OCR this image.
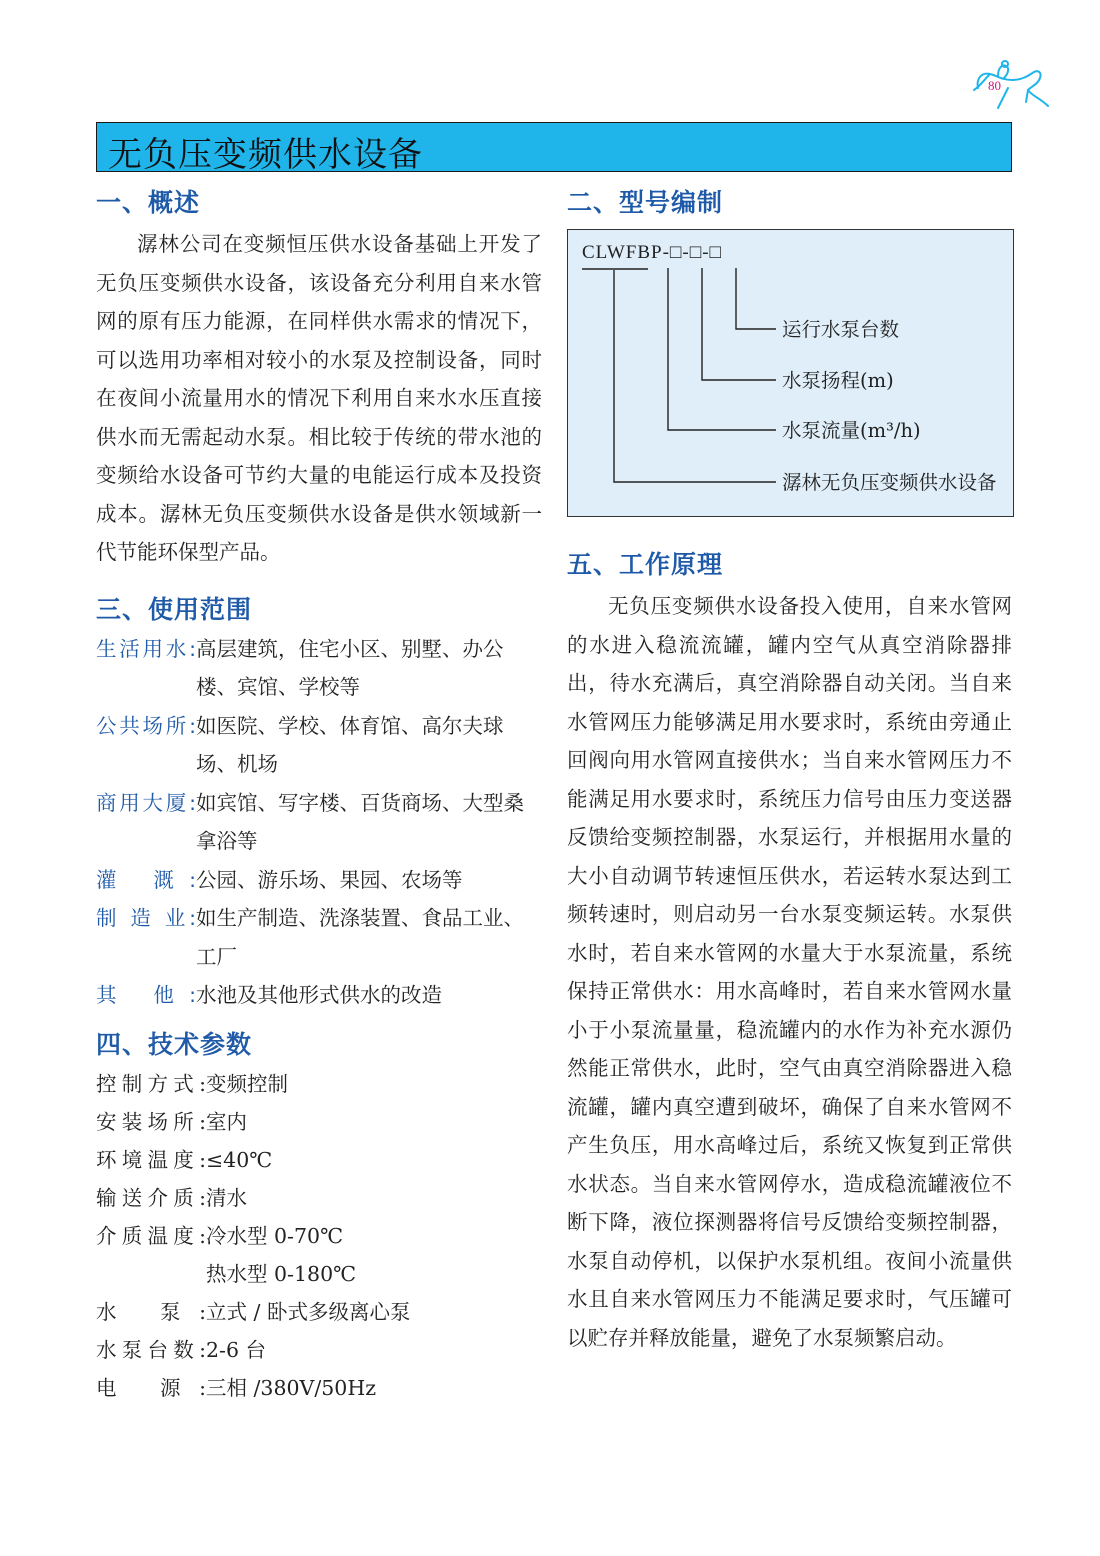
80
无负压变频供水设备
一、概述

潺林公司在变频恒压供水设备基础上开发了无负压变频供水设备，该设备充分利用自来水管网的原有压力能源，在同样供水需求的情况下，可以选用功率相对较小的水泵及控制设备，同时在夜间小流量用水的情况下利用自来水水压直接供水而无需起动水泵。相比较于传统的带水池的变频给水设备可节约大量的电能运行成本及投资成本。潺林无负压变频供水设备是供水领域新一代节能环保型产品。

三、使用范围
生活用水: 高层建筑，住宅小区、别墅、办公楼、宾馆、学校等
公共场所: 如医院、学校、体育馆、高尔夫球场、机场
商用大厦: 如宾馆、写字楼、百货商场、大型桑拿浴等
灌 溉: 公园、游乐场、果园、农场等
制 造 业: 如生产制造、洗涤装置、食品工业、工厂
其 他: 水池及其他形式供水的改造
四、技术参数
控制方式: 变频控制
安装场所: 室内
环境温度: ≤40℃
输送介质: 清水
介质温度: 冷水型 0-70℃
热水型 0-180℃
水 泵: 立式 / 卧式多级离心泵
水泵台数: 2-6 台
电 源: 三相 /380V/50Hz
二、型号编制
CLWFBP-□-□-□
运行水泵台数
水泵扬程(m)
水泵流量(m³/h)
潺林无负压变频供水设备
五、工作原理

无负压变频供水设备投入使用，自来水管网的水进入稳流流罐，罐内空气从真空消除器排出，待水充满后，真空消除器自动关闭。当自来水管网压力能够满足用水要求时，系统由旁通止回阀向用水管网直接供水；当自来水管网压力不能满足用水要求时，系统压力信号由压力变送器反馈给变频控制器，水泵运行，并根据用水量的大小自动调节转速恒压供水，若运转水泵达到工频转速时，则启动另一台水泵变频运转。水泵供水时，若自来水管网的水量大于水泵流量，系统保持正常供水：用水高峰时，若自来水管网水量小于小泵流量量，稳流罐内的水作为补充水源仍然能正常供水，此时，空气由真空消除器进入稳流罐，罐内真空遭到破坏，确保了自来水管网不产生负压，用水高峰过后，系统又恢复到正常供水状态。当自来水管网停水，造成稳流罐液位不断下降，液位探测器将信号反馈给变频控制器，水泵自动停机，以保护水泵机组。夜间小流量供水且自来水管网压力不能满足要求时，气压罐可以贮存并释放能量，避免了水泵频繁启动。
